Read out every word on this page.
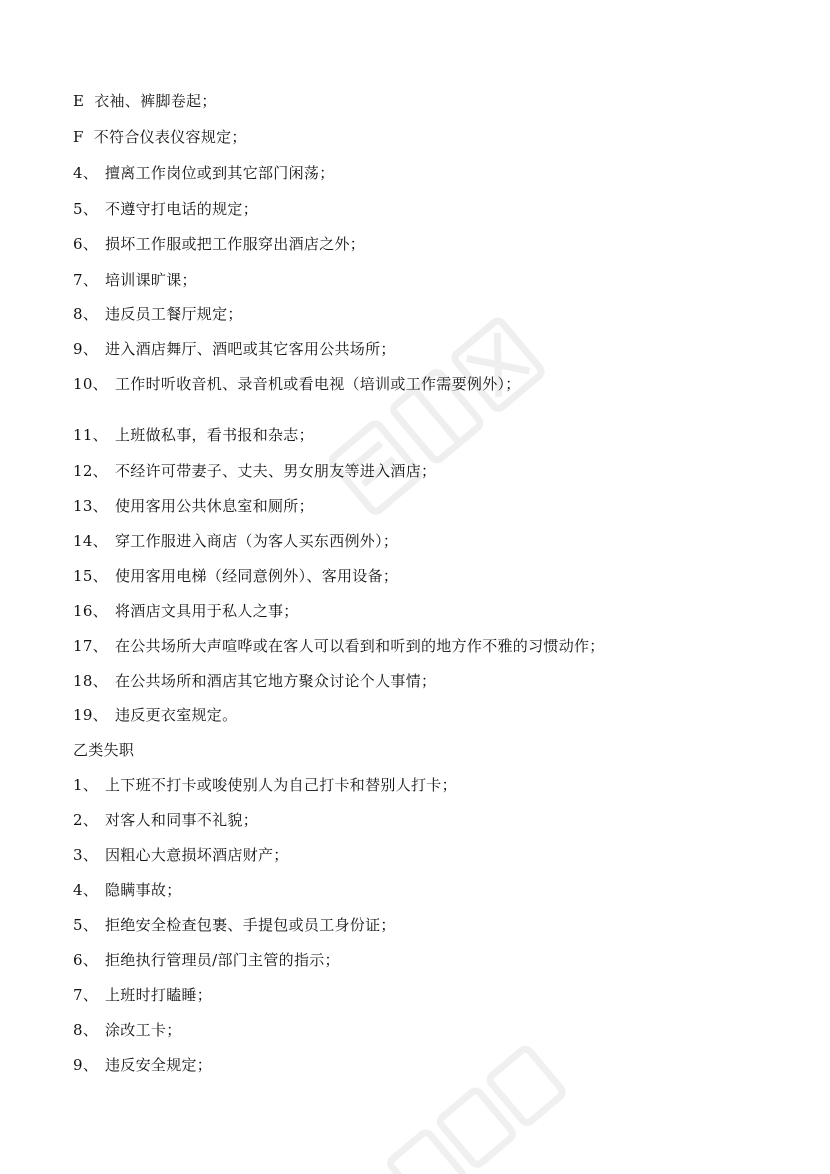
E 衣袖、裤脚卷起；
F 不符合仪表仪容规定；
4、 擅离工作岗位或到其它部门闲荡；
5、 不遵守打电话的规定；
6、 损坏工作服或把工作服穿出酒店之外；
7、 培训课旷课；
8、 违反员工餐厅规定；
9、 进入酒店舞厅、酒吧或其它客用公共场所；
10、 工作时听收音机、录音机或看电视（培训或工作需要例外）；
11、 上班做私事，看书报和杂志；
12、 不经许可带妻子、丈夫、男女朋友等进入酒店；
13、 使用客用公共休息室和厕所；
14、 穿工作服进入商店（为客人买东西例外）；
15、 使用客用电梯（经同意例外）、客用设备；
16、 将酒店文具用于私人之事；
17、 在公共场所大声喧哗或在客人可以看到和听到的地方作不雅的习惯动作；
18、 在公共场所和酒店其它地方聚众讨论个人事情；
19、 违反更衣室规定。
乙类失职
1、 上下班不打卡或唆使别人为自己打卡和替别人打卡；
2、 对客人和同事不礼貌；
3、 因粗心大意损坏酒店财产；
4、 隐瞒事故；
5、 拒绝安全检查包裹、手提包或员工身份证；
6、 拒绝执行管理员/部门主管的指示；
7、 上班时打瞌睡；
8、 涂改工卡；
9、 违反安全规定；
